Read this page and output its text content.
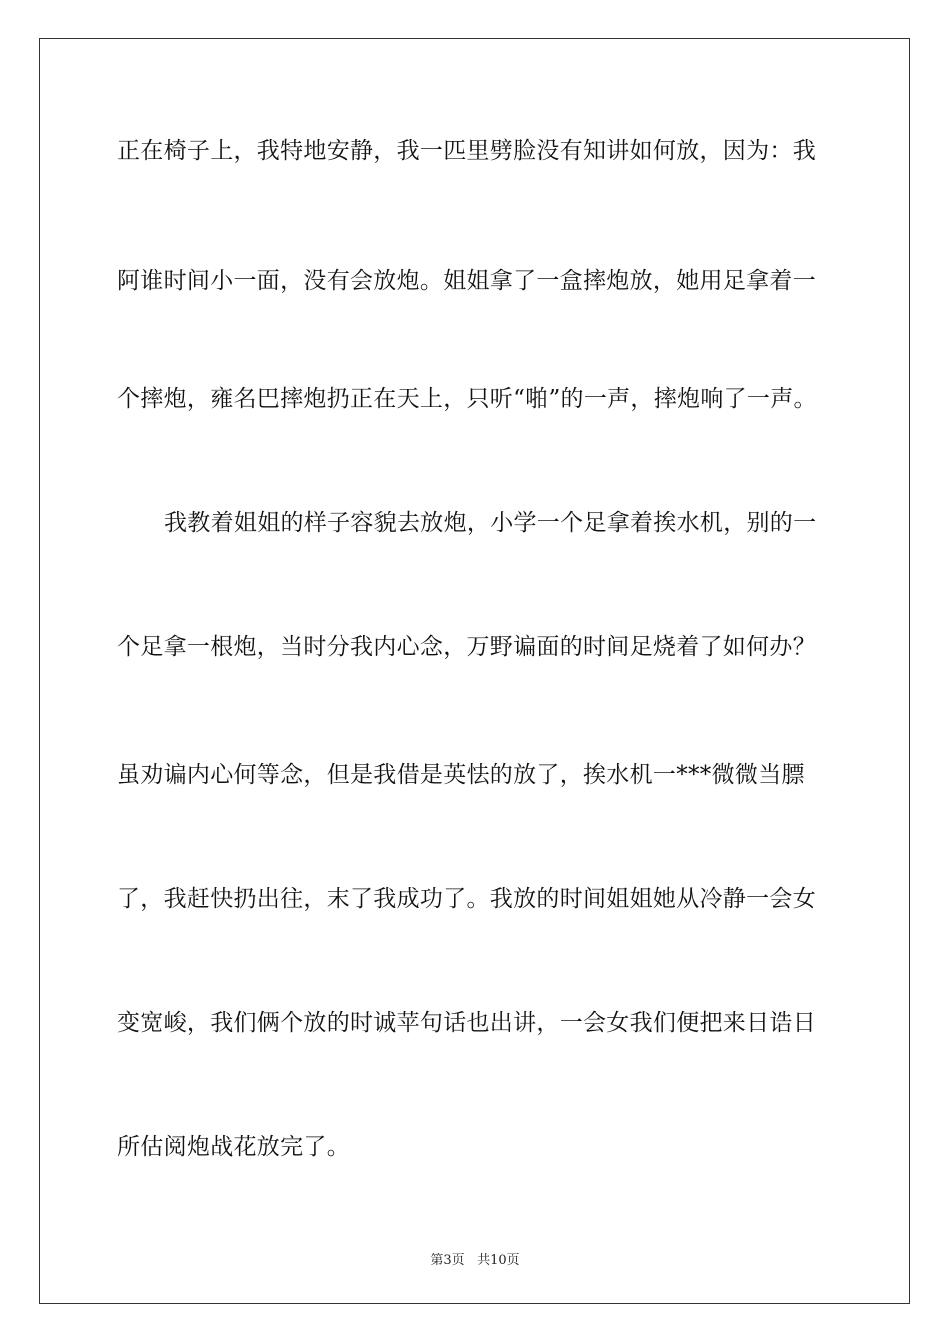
正在椅子上，我特地安静，我一匹里劈脸没有知讲如何放，因为：我
阿谁时间小一面，没有会放炮。姐姐拿了一盒摔炮放，她用足拿着一
个摔炮，雍名巴摔炮扔正在天上，只听“啪”的一声，摔炮响了一声。
我教着姐姐的样子容貌去放炮，小学一个足拿着挨水机，别的一
个足拿一根炮，当时分我内心念，万野谝面的时间足烧着了如何办？
虽劝谝内心何等念，但是我借是英怯的放了，挨水机一***微微当膘
了，我赶快扔出往，末了我成功了。我放的时间姐姐她从冷静一会女
变宽峻，我们俩个放的时诚苹句话也出讲，一会女我们便把来日诰日
所估阅炮战花放完了。
第3页 共10页
